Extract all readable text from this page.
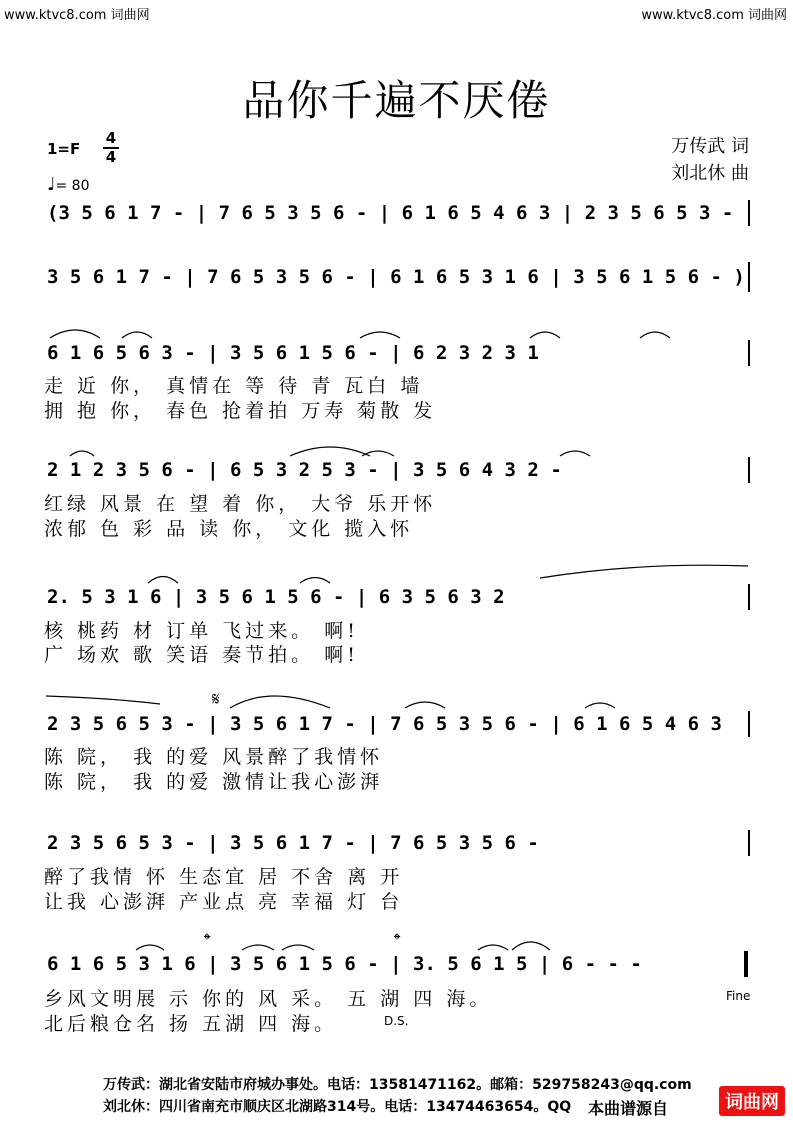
www.ktvc8.com 词曲网	www.ktvc8.com 词曲网
品你千遍不厌倦
1=F
4
4
♩= 80
万传武 词
刘北休 曲
(3 5 6 1 7 - | 7 6 5 3 5 6 - | 6 1 6 5 4 6 3 | 2 3 5 6 5 3 -
3 5 6 1 7 - | 7 6 5 3 5 6 - | 6 1 6 5 3 1 6 | 3 5 6 1 5 6 - )
6 1 6 5 6 3 - | 3 5 6 1 5 6 - | 6 2 3 2 3 1
走 近 你， 真情在 等 待 青 瓦白 墙
拥 抱 你， 春色 抢着拍 万寿 菊散 发
2 1 2 3 5 6 - | 6 5 3 2 5 3 - | 3 5 6 4 3 2 -
红绿 风景 在 望 着 你， 大爷 乐开怀
浓郁 色 彩 品 读 你， 文化 揽入怀
2. 5 3 1 6 | 3 5 6 1 5 6 - | 6 3 5 6 3 2
核 桃药 材 订单 飞过来。 啊!
广 场欢 歌 笑语 奏节拍。 啊!
2 3 5 6 5 3 - | 3 5 6 1 7 - | 7 6 5 3 5 6 - | 6 1 6 5 4 6 3
陈 院， 我 的爱 风景醉了我情怀
陈 院， 我 的爱 激情让我心澎湃
2 3 5 6 5 3 - | 3 5 6 1 7 - | 7 6 5 3 5 6 -
醉了我情 怀 生态宜 居 不舍 离 开
让我 心澎湃 产业点 亮 幸福 灯 台
6 1 6 5 3 1 6 | 3 5 6 1 5 6 - | 3. 5 6 1 5 | 6 - - -
乡风文明展 示 你的 风 采。 五 湖 四 海。
北后粮仓名 扬 五湖 四 海。
Fine
D.S.
𝄋
𝄌	𝄌
万传武：湖北省安陆市府城办事处。电话：13581471162。邮箱：529758243@qq.com
刘北休：四川省南充市顺庆区北湖路314号。电话：13474463654。QQ 本曲谱源自	词曲网
